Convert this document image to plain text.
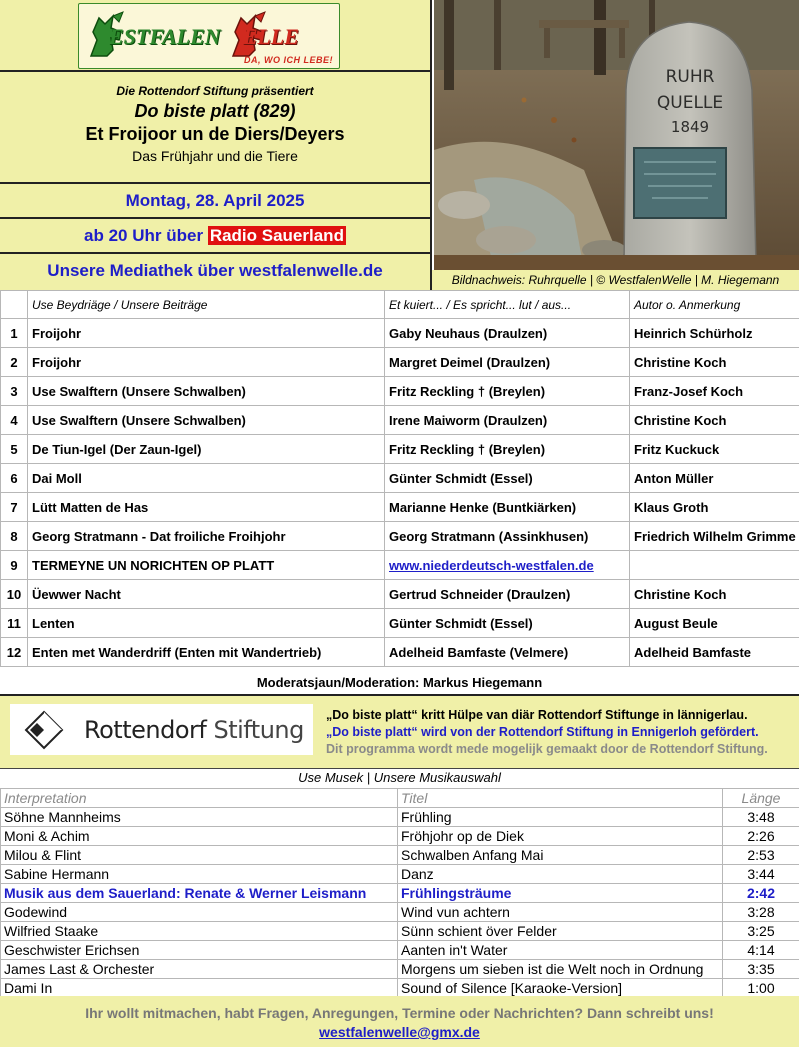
ESTFALEN ELLE
DA, WO ICH LEBE!
Die Rottendorf Stiftung präsentiert
Do biste platt (829)
Et Froijoor un de Diers/Deyers
Das Frühjahr und die Tiere
Montag, 28. April 2025
ab 20 Uhr über Radio Sauerland
Unsere Mediathek über westfalenwelle.de
RUHR
QUELLE
1849
Bildnachweis: Ruhrquelle | © WestfalenWelle | M. Hiegemann
	Use Beydriäge / Unsere Beiträge	Et kuiert... / Es spricht... lut / aus...	Autor o. Anmerkung
1	Froijohr	Gaby Neuhaus (Draulzen)	Heinrich Schürholz
2	Froijohr	Margret Deimel (Draulzen)	Christine Koch
3	Use Swalftern (Unsere Schwalben)	Fritz Reckling † (Breylen)	Franz-Josef Koch
4	Use Swalftern (Unsere Schwalben)	Irene Maiworm (Draulzen)	Christine Koch
5	De Tiun-Igel (Der Zaun-Igel)	Fritz Reckling † (Breylen)	Fritz Kuckuck
6	Dai Moll	Günter Schmidt (Essel)	Anton Müller
7	Lütt Matten de Has	Marianne Henke (Buntkiärken)	Klaus Groth
8	Georg Stratmann - Dat froiliche Froihjohr	Georg Stratmann (Assinkhusen)	Friedrich Wilhelm Grimme
9	TERMEYNE UN NORICHTEN OP PLATT	www.niederdeutsch-westfalen.de	
10	Üewwer Nacht	Gertrud Schneider (Draulzen)	Christine Koch
11	Lenten	Günter Schmidt (Essel)	August Beule
12	Enten met Wanderdriff (Enten mit Wandertrieb)	Adelheid Bamfaste (Velmere)	Adelheid Bamfaste
Moderatsjaun/Moderation: Markus Hiegemann
Rottendorf Stiftung
„Do biste platt“ kritt Hülpe van diär Rottendorf Stiftunge in lännigerlau.
„Do biste platt“ wird von der Rottendorf Stiftung in Ennigerloh gefördert.
Dit programma wordt mede mogelijk gemaakt door de Rottendorf Stiftung.
Use Musek | Unsere Musikauswahl
Interpretation	Titel	Länge
Söhne Mannheims	Frühling	3:48
Moni & Achim	Fröhjohr op de Diek	2:26
Milou & Flint	Schwalben Anfang Mai	2:53
Sabine Hermann	Danz	3:44
Musik aus dem Sauerland: Renate & Werner Leismann	Frühlingsträume	2:42
Godewind	Wind vun achtern	3:28
Wilfried Staake	Sünn schient över Felder	3:25
Geschwister Erichsen	Aanten in't Water	4:14
James Last & Orchester	Morgens um sieben ist die Welt noch in Ordnung	3:35
Dami In	Sound of Silence [Karaoke-Version]	1:00
Ihr wollt mitmachen, habt Fragen, Anregungen, Termine oder Nachrichten? Dann schreibt uns!
westfalenwelle@gmx.de
